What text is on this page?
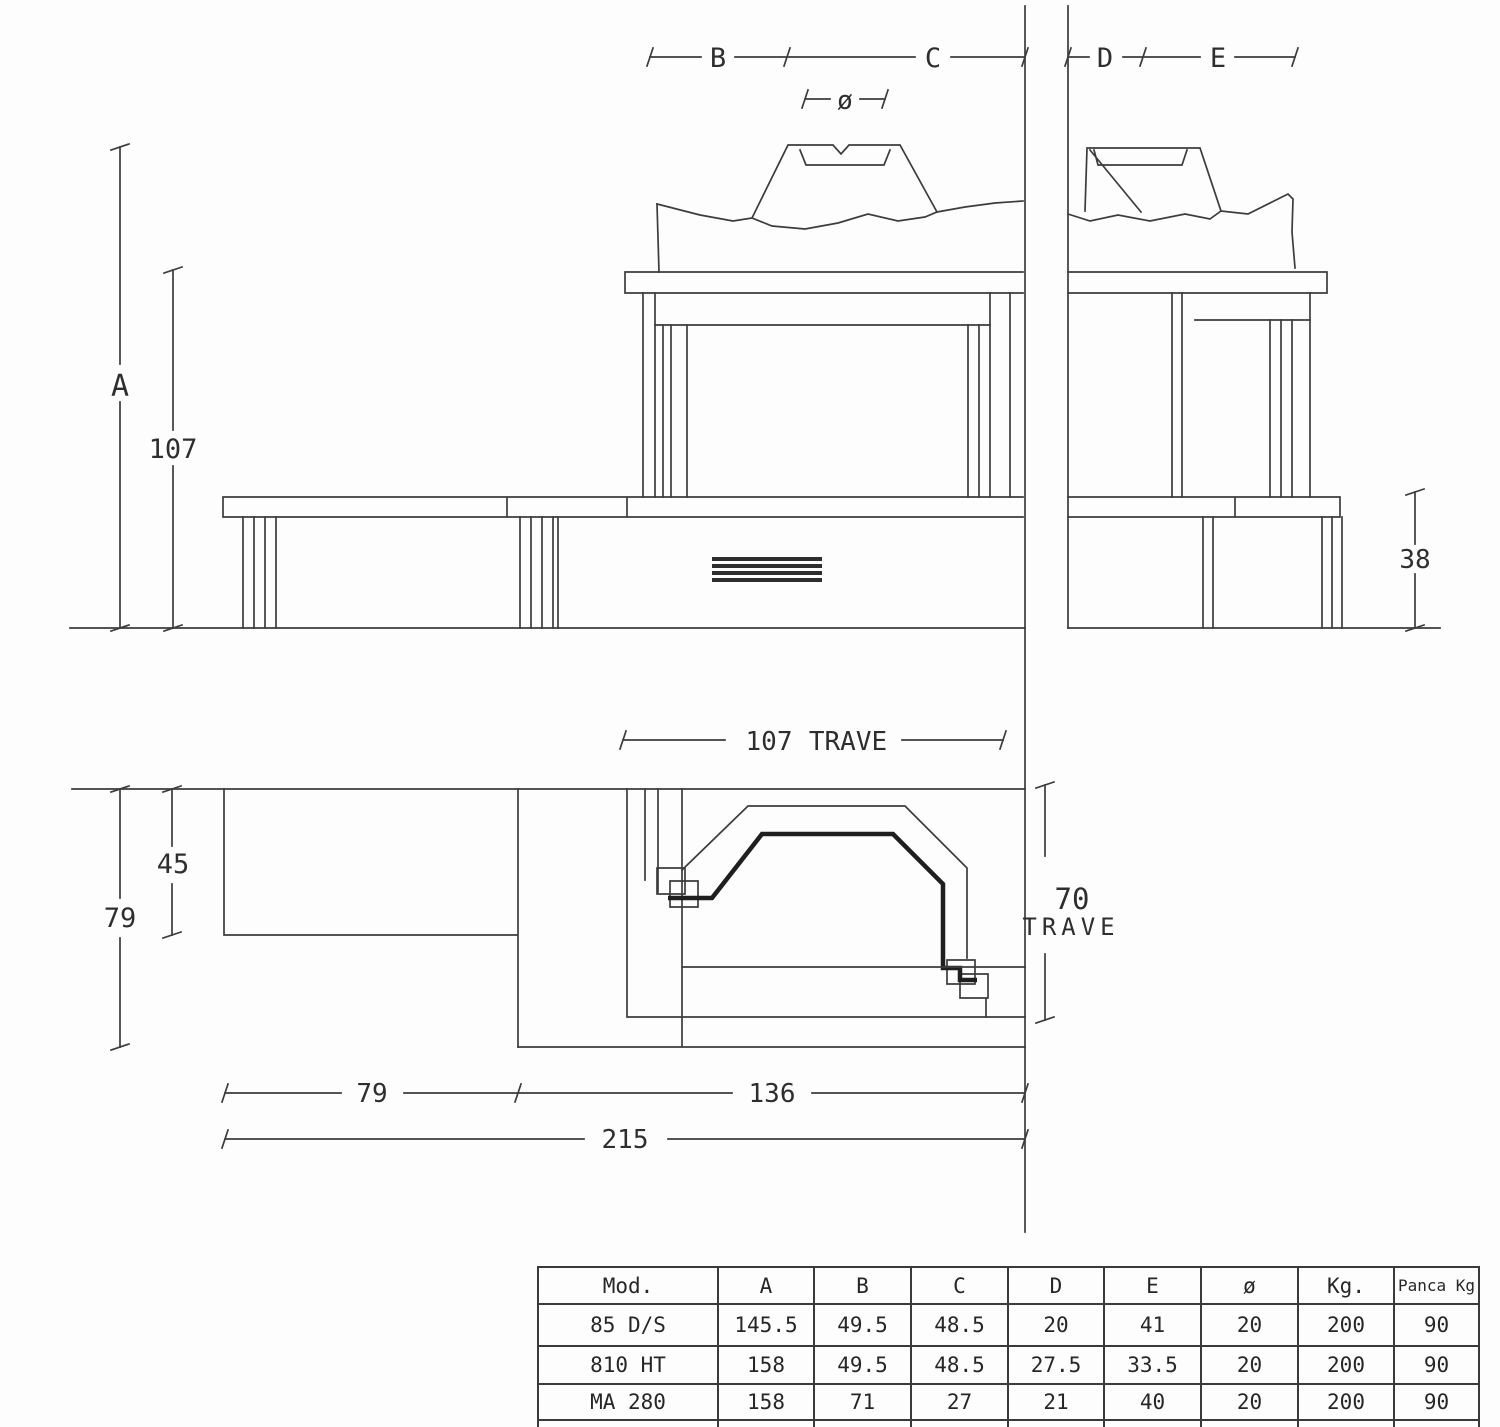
B	C	D	E
ø
A
107
38
107 TRAVE
70
TRAVE
45
79
79	136
215
Mod.	A	B	C	D	E	ø	Kg.	Panca Kg
85 D/S	145.5	49.5	48.5	20	41	20	200	90
810 HT	158	49.5	48.5	27.5	33.5	20	200	90
MA 280	158	71	27	21	40	20	200	90
